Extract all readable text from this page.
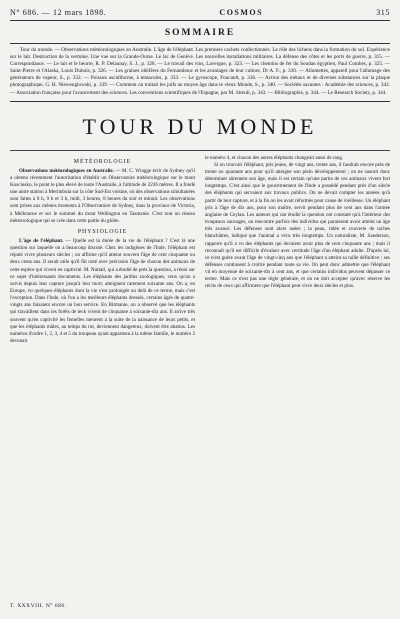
N° 686. — 12 mars 1898.	COSMOS	315
SOMMAIRE

Tour du monde. — Observations météorologiques en Australie. L'âge de l'éléphant. Les premiers cachets confectionnés. Le rôle des lichens dans la formation du sol. Expérience sur le lait. Destruction de la vermine. Une vue sur la Grande-Ourse. Le lac de Genève. Les nouvelles installations militaires. La défense des côtes et les ports de guerre, p. 315. — Correspondance. — Le lait et le beurre, R. P. Delaunay, S. J., p. 328. — Le travail des vins, Lavergne, p. 323. — Les chemins de fer du Soudan égyptien, Paul Combes, p. 325. — Saint-Pierre et l'Alaska, Louis Dubois, p. 326. — Les graines oléifères du Fernambouc et les avantages de leur culture, Dr A. F., p. 330. — Allumettes, appareil pour l'allumage des générateurs de vapeur, S., p. 332. — Poisson ascidiforme, à tentacules, p. 333. — Le gyroscope, Foucault, p. 336. — Action des métaux et de diverses substances sur la plaque photographique, G. H. Niewenglowski, p. 339. — Comment on traitait les juifs au moyen âge dans le vieux Monde, S., p. 340. — Sociétés savantes : Académie des sciences, p. 342. — Association française pour l'avancement des sciences. Les conventions scientifiques de l'Espagne, par M. Streuli, p. 343. — Bibliographie, p. 344. — Le Research Society, p. 344.

TOUR DU MONDE
MÉTÉOROLOGIE

Observations météorologiques en Australie. — M. C. Wragge écrit de Sydney qu'il a obtenu récemment l'autorisation d'établir un Observatoire météorologique sur le mont Kosciusko, le point le plus élevé de toute l'Australie, à l'altitude de 2236 mètres. Il a fondé une autre station à Merimbula sur la côte Sud-Est voisine, où des observations simultanées sont faites à 8 h, 9 h et 3 h, midi, 3 heures, 8 heures du soir et minuit. Les observations sont prises aux mêmes moments à l'Observatoire de Sydney, dans la province de Victoria, à Melbourne et sur le sommet du mont Wellington en Tasmanie. C'est tout un réseau météorologique qui se crée dans cette partie du globe.

PHYSIOLOGIE

L'âge de l'éléphant. — Quelle est la durée de la vie de l'éléphant ? C'est là une question sur laquelle on a beaucoup discuté. Chez les indigènes de l'Inde, l'éléphant est réputé vivre plusieurs siècles ; on affirme qu'il atteint souvent l'âge de cent cinquante ou deux cents ans. Il serait utile qu'il fût noté avec précision l'âge de chacun des animaux de cette espèce qui vivent en captivité. M. Nuttall, qui a étudié de près la question, a réuni sur ce sujet d'intéressants documents. Les éléphants des jardins zoologiques, ceux qu'on a suivis depuis leur capture jusqu'à leur mort, atteignent rarement soixante ans. On a, en Europe, vu quelques éléphants dont la vie s'est prolongée au delà de ce terme, mais c'est l'exception. Dans l'Inde, où l'on a les meilleurs éléphants dressés, certains âgés de quatre-vingts ans faisaient encore un bon service. En Birmanie, on a observé que les éléphants qui travaillent dans les forêts de teck vivent de cinquante à soixante-dix ans. Il arrive très souvent qu'en captivité les femelles meurent à la suite de la naissance de leurs petits, et que les éléphants mâles, au temps du rut, deviennent dangereux, doivent être abattus. Les numéros d'ordre 1, 2, 3, 4 et 5 du troupeau ayant appartenu à la même famille, le numéro 2 devenait

le numéro 4, et chacun des autres éléphants changeait aussi de rang.

Si on trouvait l'éléphant, pris jeune, de vingt ans, trente ans, il faudrait encore près de trente ou quarante ans pour qu'il atteigne son plein développement ; on ne saurait donc déterminer sûrement son âge, mais il est certain qu'une partie de ces animaux vivent fort longtemps. C'est ainsi que le gouvernement de l'Inde a possédé pendant près d'un siècle des éléphants qui servaient aux travaux publics. On ne devait compter les années qu'à partir de leur capture, et à la fin on les avait réformés pour cause de vieillesse. Un éléphant pris à l'âge de dix ans, pour son maître, servit pendant plus de cent ans dans l'armée anglaise de Ceylan. Les auteurs qui ont étudié la question ont constaté qu'à l'intérieur des troupeaux sauvages, on rencontre parfois des individus qui paraissent avoir atteint un âge très avancé. Les défenses sont alors usées ; la peau, ridée et couverte de taches blanchâtres, indique que l'animal a vécu très longtemps. Un naturaliste, M. Sanderson, rapporte qu'il a vu des éléphants qui devaient avoir plus de cent cinquante ans ; mais il reconnaît qu'il est difficile d'évaluer avec certitude l'âge d'un éléphant adulte. D'après lui, ce n'est guère avant l'âge de vingt-cinq ans que l'éléphant a atteint sa taille définitive ; ses défenses continuent à croître pendant toute sa vie. On peut donc admettre que l'éléphant vit en moyenne de soixante-dix à cent ans, et que certains individus peuvent dépasser ce terme. Mais ce n'est pas une règle générale, et on ne doit accepter qu'avec réserve les récits de ceux qui affirment que l'éléphant peut vivre deux siècles et plus.

T. XXXVIII. N° 686.
